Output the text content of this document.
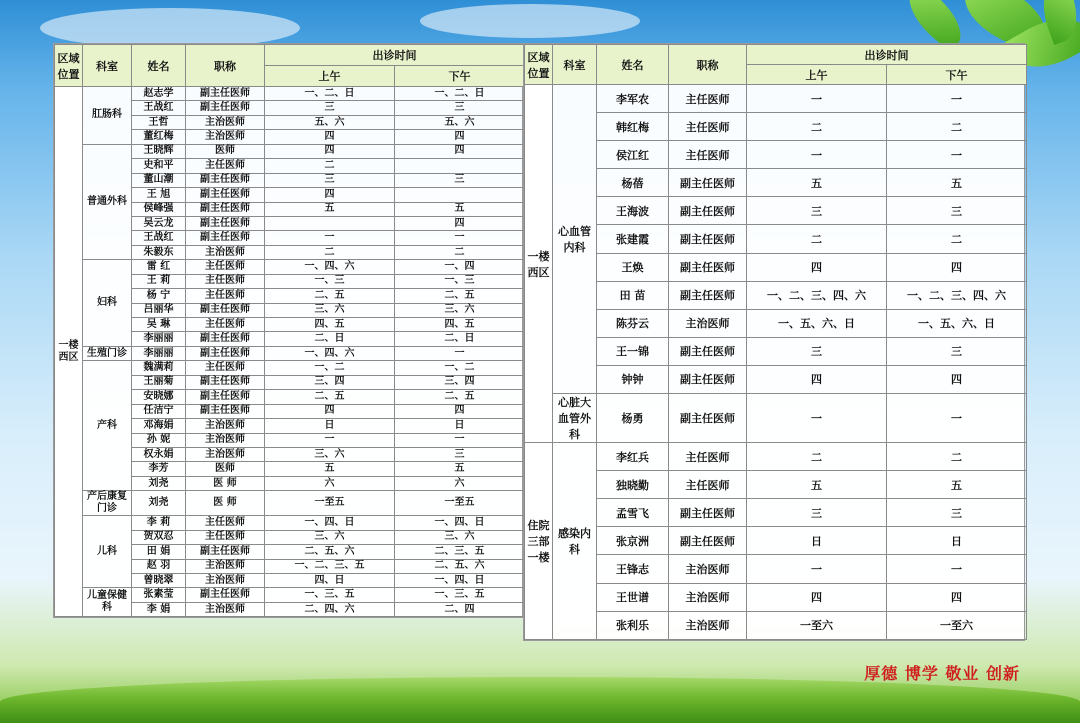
区域位置	科室	姓名	职称	出诊时间	
				上午	下午
一楼西区	肛肠科	赵志学	副主任医师	一、二、日	一、二、日
		王战红	副主任医师	三	三
		王哲	主治医师	五、六	五、六
		董红梅	主治医师	四	四
	普通外科	王晓辉	医师	四	四
		史和平	主任医师	二	
		董山潮	副主任医师	三	三
		王 旭	副主任医师	四	
		侯峰强	副主任医师	五	五
		吴云龙	副主任医师		四
		王战红	副主任医师	一	一
		朱毅东	主治医师	二	二
	妇科	雷 红	主任医师	一、四、六	一、四
		王 莉	主任医师	一、三	一、三
		杨 宁	主任医师	二、五	二、五
		吕丽华	副主任医师	三、六	三、六
		吴 琳	主任医师	四、五	四、五
		李丽丽	副主任医师	二、日	二、日
	生殖门诊	李丽丽	副主任医师	一、四、六	一
	产科	魏满莉	主任医师	一、二	一、二
		王丽菊	副主任医师	三、四	三、四
		安晓娜	副主任医师	二、五	二、五
		任洁宁	副主任医师	四	四
		邓海娟	主治医师	日	日
		孙 妮	主治医师	一	一
		权永娟	主治医师	三、六	三
		李芳	医师	五	五
		刘尧	医 师	六	六
	产后康复门诊	刘尧	医 师	一至五	一至五
	儿科	李 莉	主任医师	一、四、日	一、四、日
		贺双忍	主任医师	三、六	三、六
		田 娟	副主任医师	二、五、六	二、三、五
		赵 羽	主治医师	一、二、三、五	二、五、六
		曾晓翠	主治医师	四、日	一、四、日
	儿童保健科	张素莹	副主任医师	一、三、五	一、三、五
		李 娟	主治医师	二、四、六	二、四
区域位置	科室	姓名	职称	出诊时间	
				上午	下午
一楼西区	心血管内科	李军农	主任医师	一	一
		韩红梅	主任医师	二	二
		侯江红	主任医师	一	一
		杨蓓	副主任医师	五	五
		王海波	副主任医师	三	三
		张建霞	副主任医师	二	二
		王焕	副主任医师	四	四
		田 苗	副主任医师	一、二、三、四、六	一、二、三、四、六
		陈芬云	主治医师	一、五、六、日	一、五、六、日
		王一锦	副主任医师	三	三
		钟钟	副主任医师	四	四
	心脏大血管外科	杨勇	副主任医师	一	一
住院三部一楼	感染内科	李红兵	主任医师	二	二
		独晓勤	主任医师	五	五
		孟雪飞	副主任医师	三	三
		张京洲	副主任医师	日	日
		王锋志	主治医师	一	一
		王世谱	主治医师	四	四
		张利乐	主治医师	一至六	一至六
厚德 博学 敬业 创新
